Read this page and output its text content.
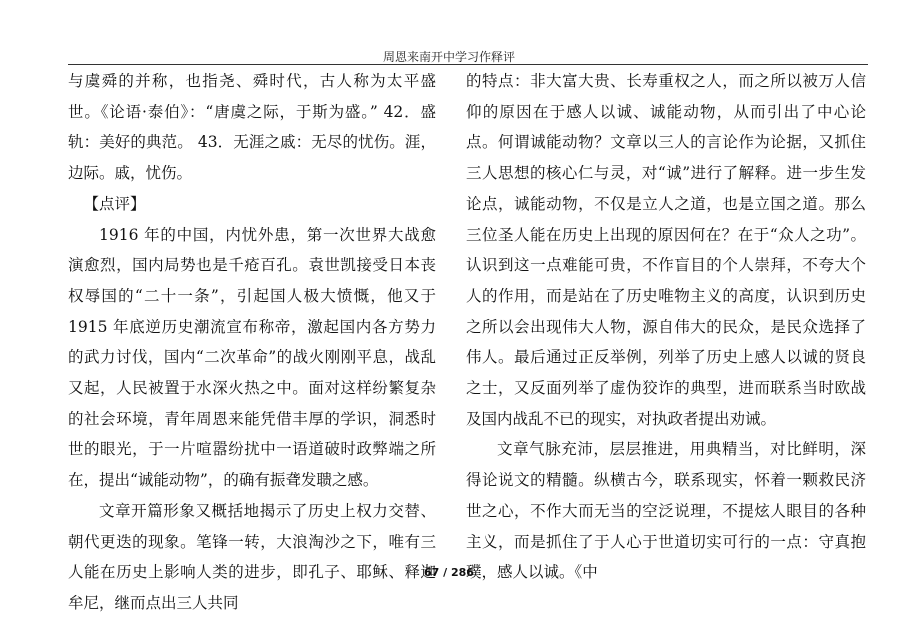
周恩来南开中学习作释评

与虞舜的并称，也指尧、舜时代，古人称为太平盛世。《论语·泰伯》：“唐虞之际，于斯为盛。” 42．盛轨：美好的典范。 43．无涯之戚：无尽的忧伤。涯，边际。戚，忧伤。

【点评】

1916 年的中国，内忧外患，第一次世界大战愈演愈烈，国内局势也是千疮百孔。袁世凯接受日本丧权辱国的“二十一条”，引起国人极大愤慨，他又于 1915 年底逆历史潮流宣布称帝，激起国内各方势力的武力讨伐，国内“二次革命”的战火刚刚平息，战乱又起，人民被置于水深火热之中。面对这样纷繁复杂的社会环境，青年周恩来能凭借丰厚的学识，洞悉时世的眼光，于一片喧嚣纷扰中一语道破时政弊端之所在，提出“诚能动物”，的确有振聋发聩之感。

文章开篇形象又概括地揭示了历史上权力交替、朝代更迭的现象。笔锋一转，大浪淘沙之下，唯有三人能在历史上影响人类的进步，即孔子、耶稣、释迦牟尼，继而点出三人共同

的特点：非大富大贵、长寿重权之人，而之所以被万人信仰的原因在于感人以诚、诚能动物，从而引出了中心论点。何谓诚能动物？文章以三人的言论作为论据，又抓住三人思想的核心仁与灵，对“诚”进行了解释。进一步生发论点，诚能动物，不仅是立人之道，也是立国之道。那么三位圣人能在历史上出现的原因何在？在于“众人之功”。认识到这一点难能可贵，不作盲目的个人崇拜，不夸大个人的作用，而是站在了历史唯物主义的高度，认识到历史之所以会出现伟大人物，源自伟大的民众，是民众选择了伟人。最后通过正反举例，列举了历史上感人以诚的贤良之士，又反面列举了虚伪狡诈的典型，进而联系当时欧战及国内战乱不已的现实，对执政者提出劝诫。

文章气脉充沛，层层推进，用典精当，对比鲜明，深得论说文的精髓。纵横古今，联系现实，怀着一颗救民济世之心，不作大而无当的空泛说理，不提炫人眼目的各种主义，而是抓住了于人心于世道切实可行的一点：守真抱璞，感人以诚。《中

67 / 286
